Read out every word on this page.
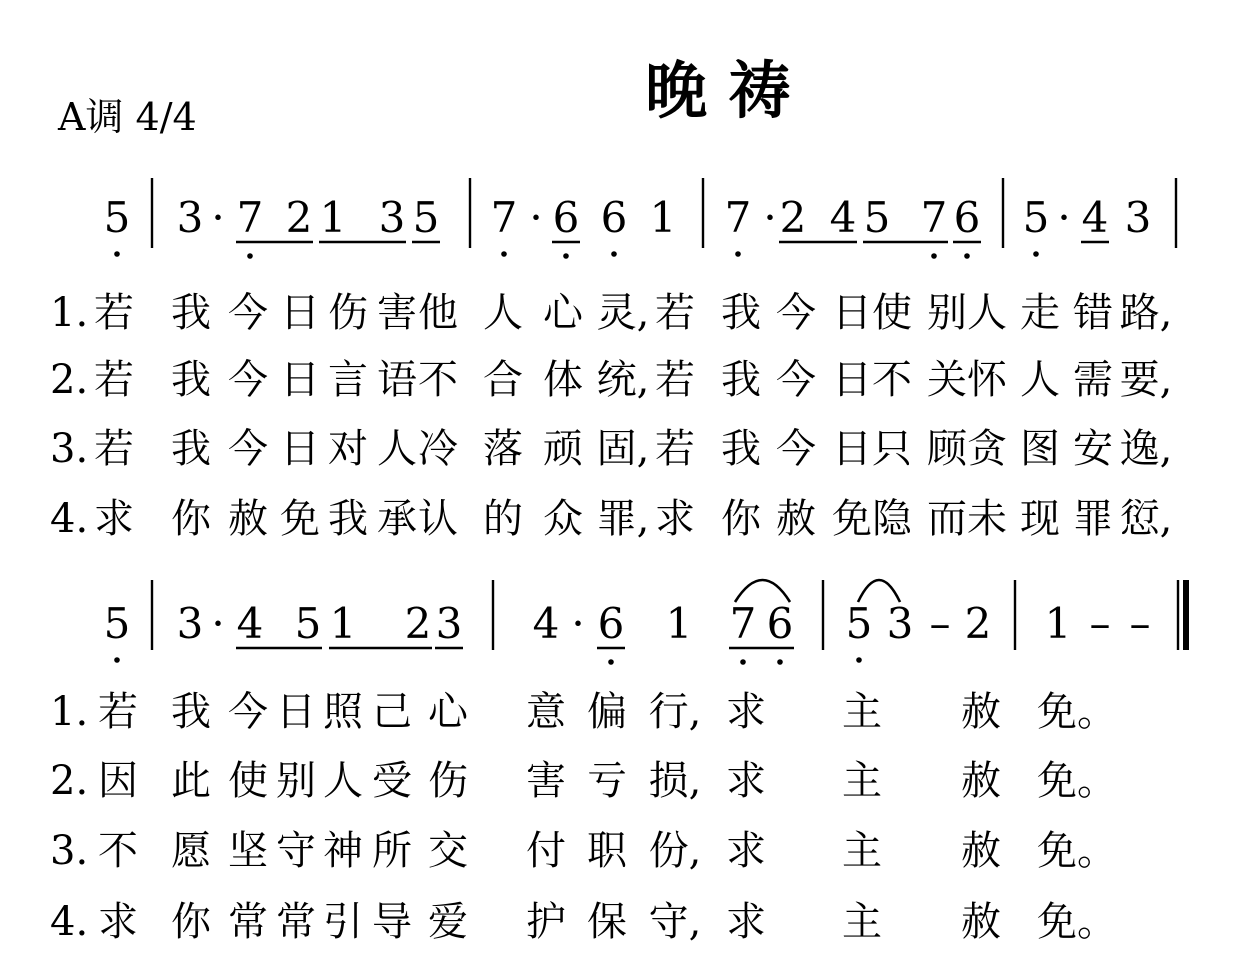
A调 4/4	晚 祷
5 3 · 7 2 1 3 5 7 · 6 6 1 7 · 2 4 5 7 6 5 · 4 3
1. 若 我 今 日 伤 害 他 人 心 灵, 若 我 今 日 使 别 人 走 错 路,
2. 若 我 今 日 言 语 不 合 体 统, 若 我 今 日 不 关 怀 人 需 要,
3. 若 我 今 日 对 人 冷 落 顽 固, 若 我 今 日 只 顾 贪 图 安 逸,
4. 求 你 赦 免 我 承 认 的 众 罪, 求 你 赦 免 隐 而 未 现 罪 愆,
5 3 · 4 5 1 2 3 4 · 6 1 7 6 5 3 – 2 1 – –
1. 若 我 今 日 照 己 心 意 偏 行, 求 主 赦 免。
2. 因 此 使 别 人 受 伤 害 亏 损, 求 主 赦 免。
3. 不 愿 坚 守 神 所 交 付 职 份, 求 主 赦 免。
4. 求 你 常 常 引 导 爱 护 保 守, 求 主 赦 免。
